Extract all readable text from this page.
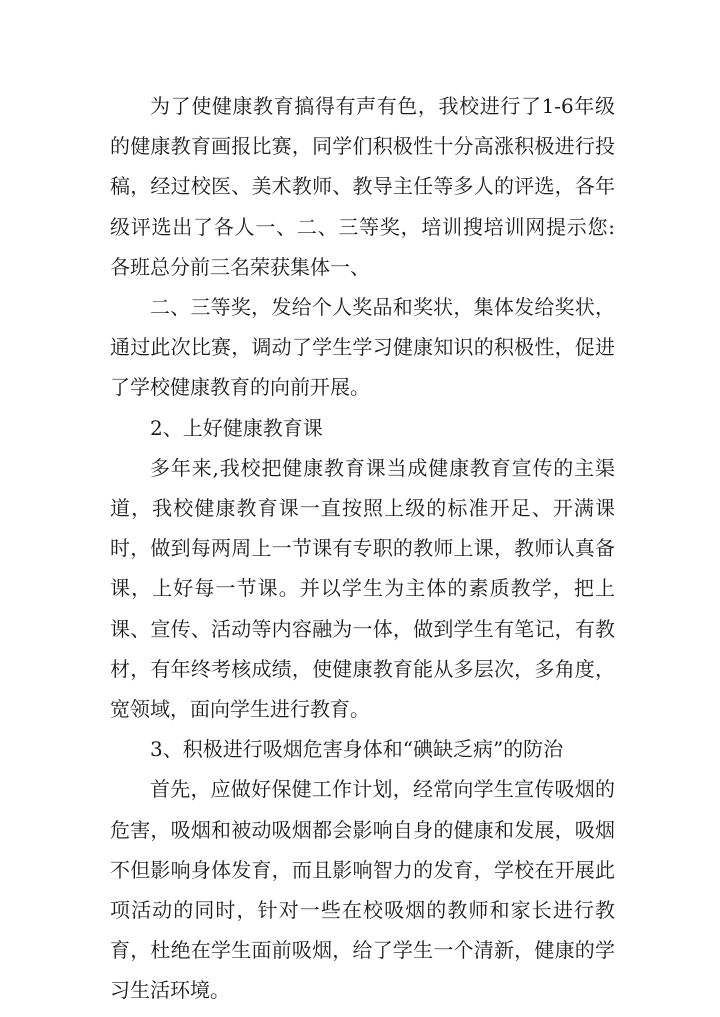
为了使健康教育搞得有声有色，我校进行了1-6年级的健康教育画报比赛，同学们积极性十分高涨积极进行投稿，经过校医、美术教师、教导主任等多人的评选，各年级评选出了各人一、二、三等奖，培训搜培训网提示您:各班总分前三名荣获集体一、

二、三等奖，发给个人奖品和奖状，集体发给奖状，通过此次比赛，调动了学生学习健康知识的积极性，促进了学校健康教育的向前开展。

2、上好健康教育课

多年来,我校把健康教育课当成健康教育宣传的主渠道，我校健康教育课一直按照上级的标准开足、开满课时，做到每两周上一节课有专职的教师上课，教师认真备课，上好每一节课。并以学生为主体的素质教学，把上课、宣传、活动等内容融为一体，做到学生有笔记，有教材，有年终考核成绩，使健康教育能从多层次，多角度，宽领域，面向学生进行教育。

3、积极进行吸烟危害身体和“碘缺乏病”的防治

首先，应做好保健工作计划，经常向学生宣传吸烟的危害，吸烟和被动吸烟都会影响自身的健康和发展，吸烟不但影响身体发育，而且影响智力的发育，学校在开展此项活动的同时，针对一些在校吸烟的教师和家长进行教育，杜绝在学生面前吸烟，给了学生一个清新，健康的学习生活环境。
